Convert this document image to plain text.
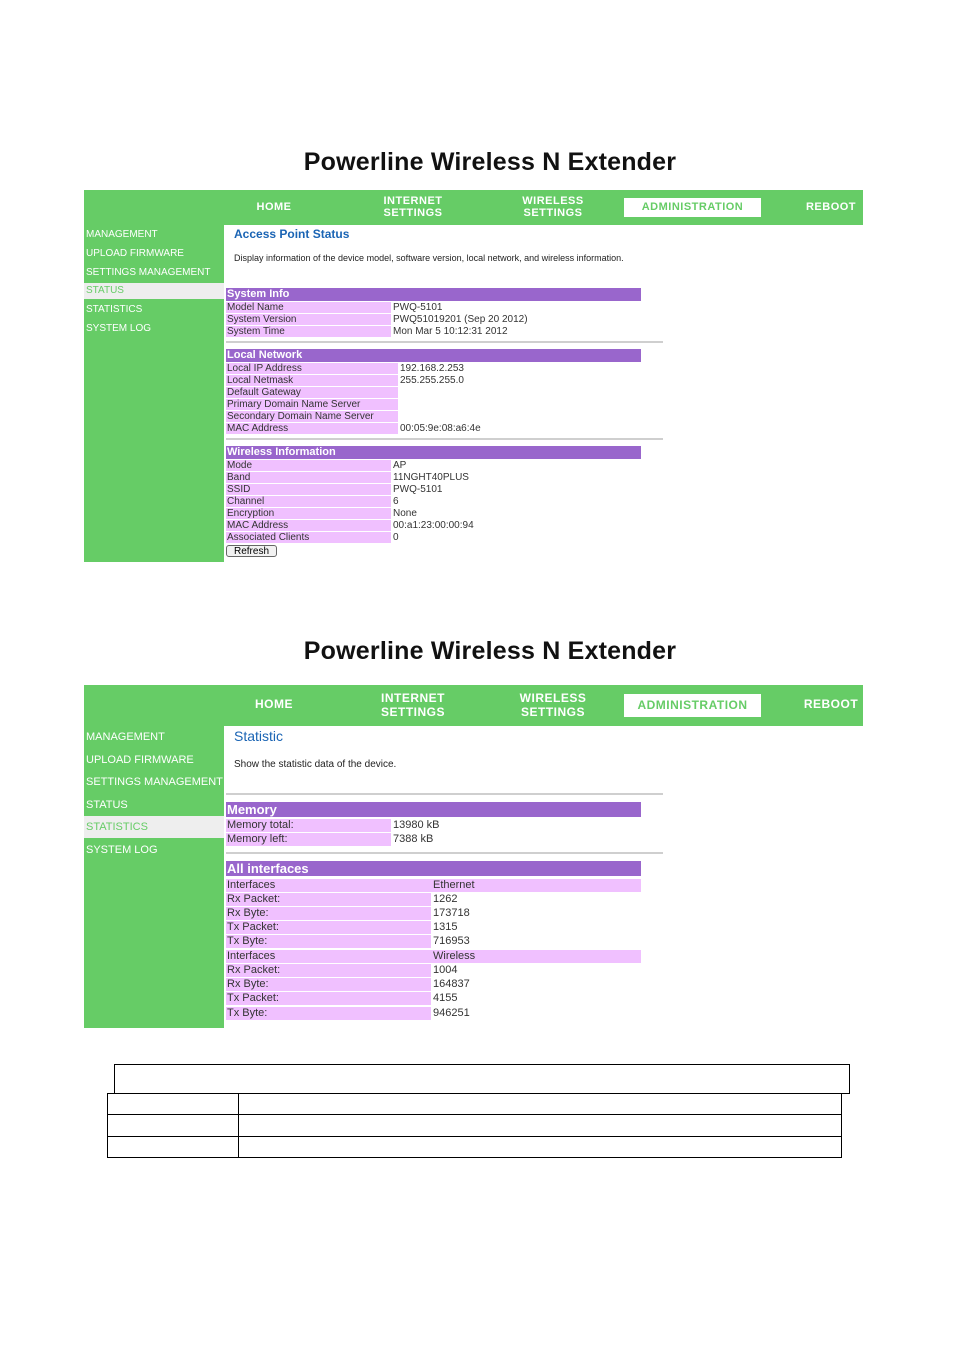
Powerline Wireless N Extender
HOME	INTERNET
SETTINGS
WIRELESS
SETTINGS	ADMINISTRATION	REBOOT
MANAGEMENT
UPLOAD FIRMWARE
SETTINGS MANAGEMENT
STATUS
STATISTICS
SYSTEM LOG
Access Point Status
Display information of the device model, software version, local network, and wireless information.
System Info
Model Name	PWQ-5101
System Version	PWQ51019201 (Sep 20 2012)
System Time	Mon Mar 5 10:12:31 2012
Local Network
Local IP Address	192.168.2.253
Local Netmask	255.255.255.0
Default Gateway
Primary Domain Name Server
Secondary Domain Name Server
MAC Address	00:05:9e:08:a6:4e
Wireless Information
Mode	AP
Band	11NGHT40PLUS
SSID	PWQ-5101
Channel	6
Encryption	None
MAC Address	00:a1:23:00:00:94
Associated Clients	0
Refresh
Powerline Wireless N Extender
HOME	INTERNET
SETTINGS
WIRELESS
SETTINGS	ADMINISTRATION	REBOOT
MANAGEMENT
UPLOAD FIRMWARE
SETTINGS MANAGEMENT
STATUS
STATISTICS
SYSTEM LOG
Statistic
Show the statistic data of the device.
Memory
Memory total:	13980 kB
Memory left:	7388 kB
All interfaces
Interfaces	Ethernet
Rx Packet:	1262
Rx Byte:	173718
Tx Packet:	1315
Tx Byte:	716953
Interfaces	Wireless
Rx Packet:	1004
Rx Byte:	164837
Tx Packet:	4155
Tx Byte:	946251
